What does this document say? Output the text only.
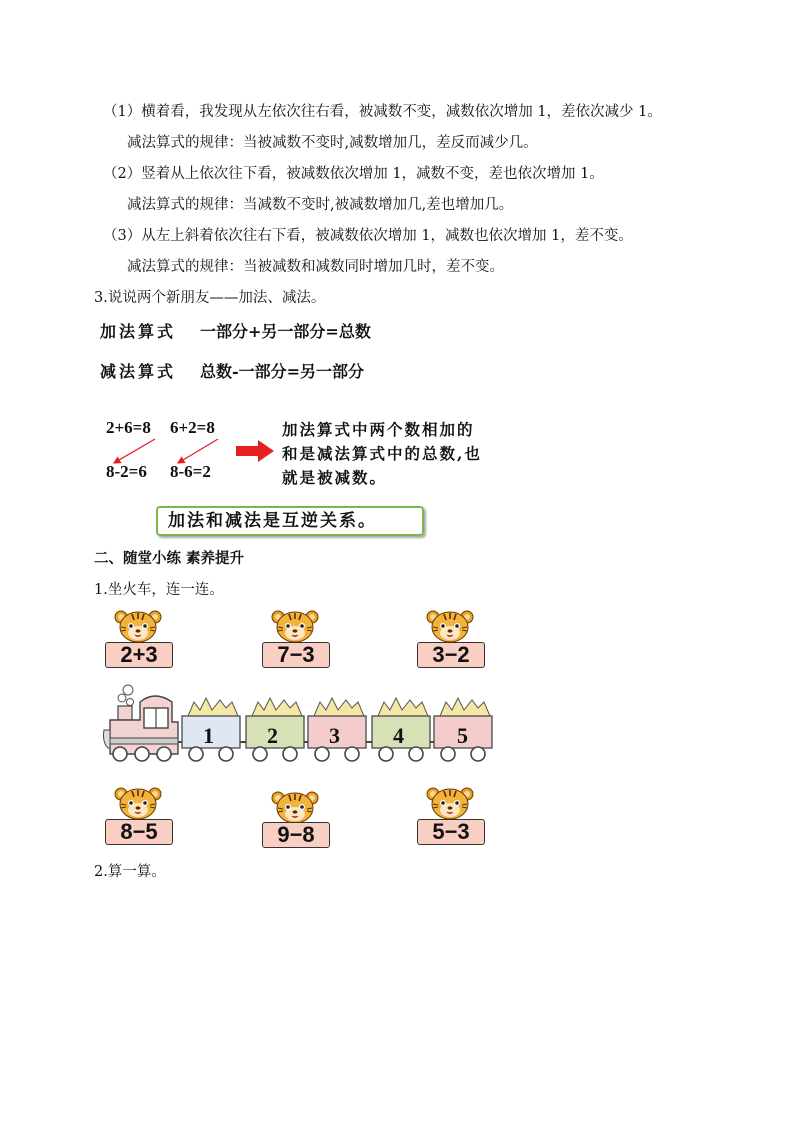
（1）横着看，我发现从左依次往右看，被减数不变，减数依次增加 1，差依次减少 1。
减法算式的规律：当被减数不变时,减数增加几，差反而减少几。
（2）竖着从上依次往下看，被减数依次增加 1，减数不变，差也依次增加 1。
减法算式的规律：当减数不变时,被减数增加几,差也增加几。
（3）从左上斜着依次往右下看，被减数依次增加 1，减数也依次增加 1，差不变。
减法算式的规律：当被减数和减数同时增加几时，差不变。
3.说说两个新朋友——加法、减法。
加法算式 一部分+另一部分=总数
减法算式 总数-一部分=另一部分
2+6=8 6+2=8
8-2=6 8-6=2
加法算式中两个数相加的
和是减法算式中的总数,也
就是被减数。
加法和减法是互逆关系。
二、随堂小练 素养提升
1.坐火车，连一连。
2+3	7−3	3−2
1 2 3 4 5
8−5	9−8	5−3
2.算一算。
